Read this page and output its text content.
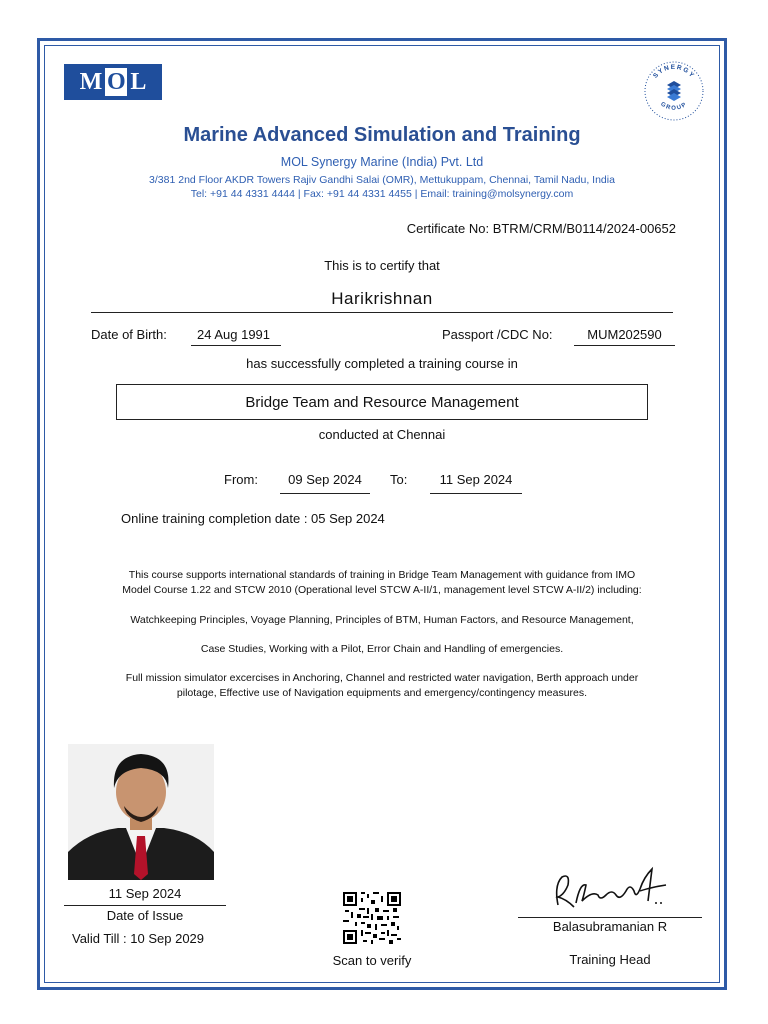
M O L	SYNERGY
GROUP
Marine Advanced Simulation and Training
MOL Synergy Marine (India) Pvt. Ltd
3/381 2nd Floor AKDR Towers Rajiv Gandhi Salai (OMR), Mettukuppam, Chennai, Tamil Nadu, India
Tel: +91 44 4331 4444 | Fax: +91 44 4331 4455 | Email: training@molsynergy.com
Certificate No: BTRM/CRM/B0114/2024-00652
This is to certify that
Harikrishnan
Date of Birth:	24 Aug 1991	Passport /CDC No:	MUM202590
has successfully completed a training course in
Bridge Team and Resource Management
conducted at Chennai
From:	09 Sep 2024	To:	11 Sep 2024
Online training completion date : 05 Sep 2024
This course supports international standards of training in Bridge Team Management with guidance from IMO
Model Course 1.22 and STCW 2010 (Operational level STCW A-II/1, management level STCW A-II/2) including:
Watchkeeping Principles, Voyage Planning, Principles of BTM, Human Factors, and Resource Management,
Case Studies, Working with a Pilot, Error Chain and Handling of emergencies.
Full mission simulator excercises in Anchoring, Channel and restricted water navigation, Berth approach under
pilotage, Effective use of Navigation equipments and emergency/contingency measures.
11 Sep 2024
Date of Issue
Valid Till : 10 Sep 2029
Scan to verify
Balasubramanian R
Training Head
